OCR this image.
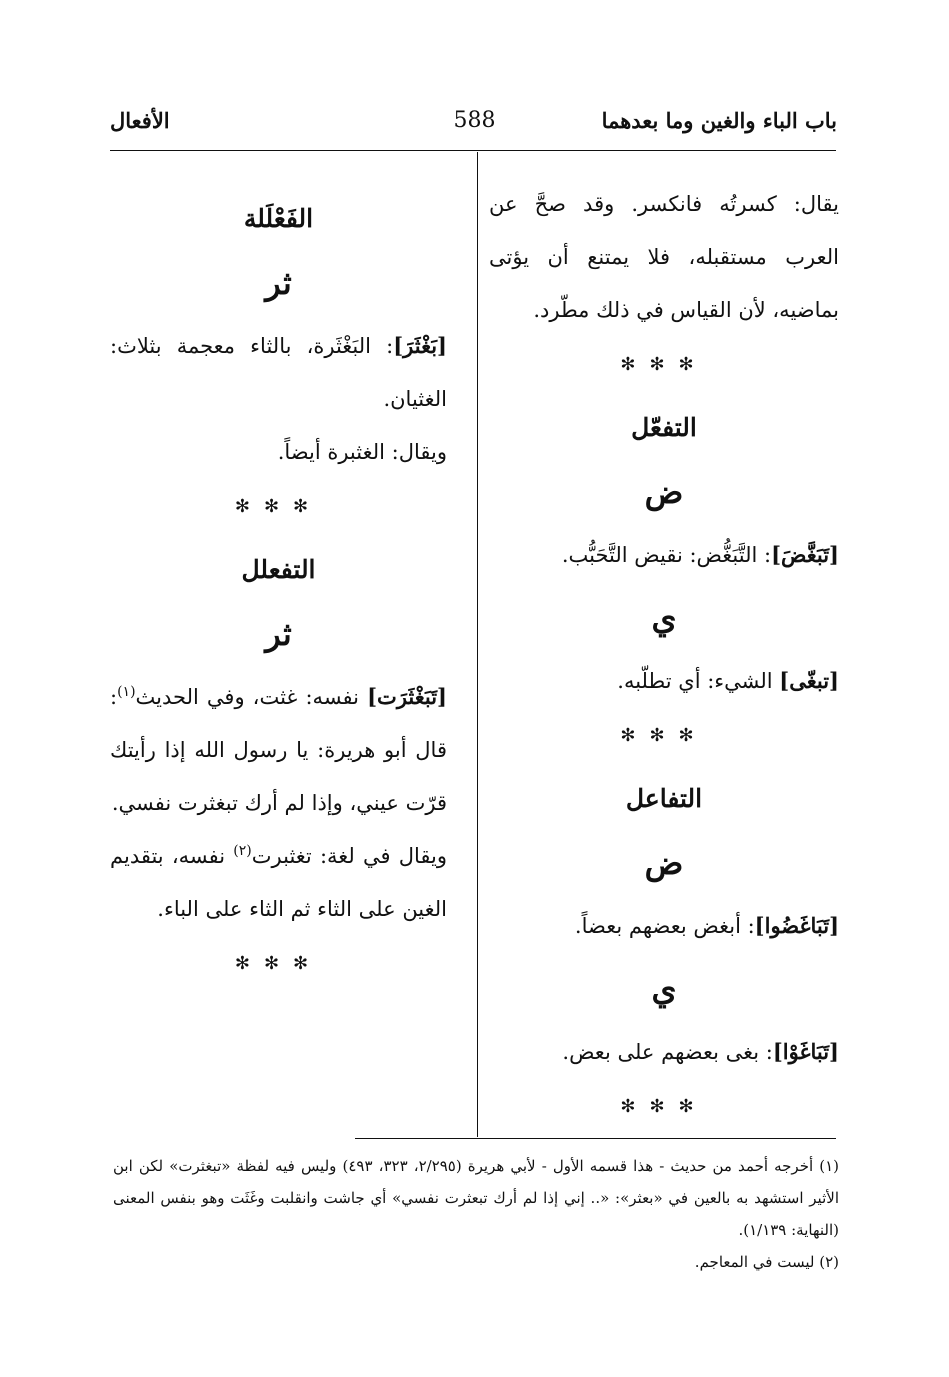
باب الباء والغين وما بعدهما
588
الأفعال

يقال: كسرتُه فانكسر. وقد صحَّ عن العرب مستقبله، فلا يمتنع أن يؤتى بماضيه، لأن القياس في ذلك مطّرد.

✻✻✻

التفعّل
ض

[تَبَغَّضَ]: التَّبَغُّض: نقيض التَّحَبُّب.

ي

[تبغّى] الشيء: أي تطلّبه.

✻✻✻

التفاعل
ض

[تَبَاغَضُوا]: أبغض بعضهم بعضاً.

ي

[تَبَاغَوْا]: بغى بعضهم على بعض.

✻✻✻

الفَعْلَلة
ثر

[بَغْثَرَ]: البَغْثَرة، بالثاء معجمة بثلاث: الغثيان.

ويقال: الغثبرة أيضاً.

✻✻✻

التفعلل
ثر

[تَبَغْثَرَت] نفسه: غثت، وفي الحديث$^{(١)}$: قال أبو هريرة: يا رسول الله إذا رأيتك قرّت عيني، وإذا لم أرك تبغثرت نفسي.

ويقال في لغة: تغثبرت$^{(٢)}$ نفسه، بتقديم الغين على الثاء ثم الثاء على الباء.

✻✻✻

(١) أخرجه أحمد من حديث - هذا قسمه الأول - لأبي هريرة (٢/٢٩٥، ٣٢٣، ٤٩٣) وليس فيه لفظة «تبغثرت» لكن ابن الأثير استشهد به بالعين في «بعثر»: «.. إني إذا لم أرك تبعثرت نفسي» أي جاشت وانقلبت وغَثَت وهو بنفس المعنى (النهاية: ١/١٣٩).

(٢) ليست في المعاجم.
